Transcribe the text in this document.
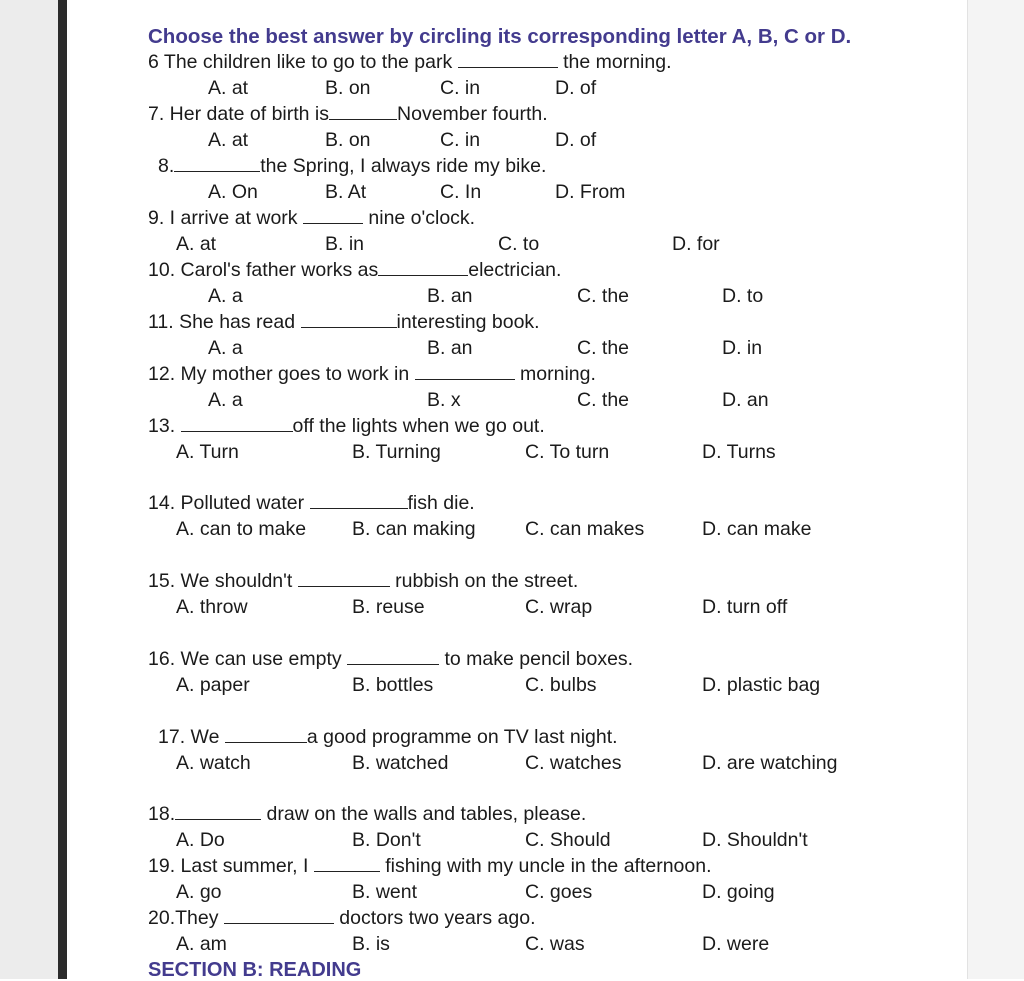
Choose the best answer by circling its corresponding letter A, B, C or D.
6 The children like to go to the park	the morning.
A. at	B. on	C. in	D. of
7. Her date of birth is	November fourth.
A. at	B. on	C. in	D. of
8.	the Spring, I always ride my bike.
A. On	B. At	C. In	D. From
9. I arrive at work	nine o'clock.
A. at	B. in	C. to	D. for
10. Carol's father works as	electrician.
A. a	B. an	C. the	D. to
11. She has read	interesting book.
A. a	B. an	C. the	D. in
12. My mother goes to work in	morning.
A. a	B. x	C. the	D. an
13.	off the lights when we go out.
A. Turn	B. Turning	C. To turn	D. Turns
14. Polluted water	fish die.
A. can to make B. can making	C. can makes	D. can make
15. We shouldn't	rubbish on the street.
A. throw	B. reuse	C. wrap	D. turn off
16. We can use empty	to make pencil boxes.
A. paper	B. bottles	C. bulbs	D. plastic bag
17. We	a good programme on TV last night.
A. watch	B. watched	C. watches	D. are watching
18.	draw on the walls and tables, please.
A. Do	B. Don't	C. Should	D. Shouldn't
19. Last summer, I	fishing with my uncle in the afternoon.
A. go	B. went	C. goes	D. going
20.They	doctors two years ago.
A. am	B. is	C. was	D. were
SECTION B: READING
